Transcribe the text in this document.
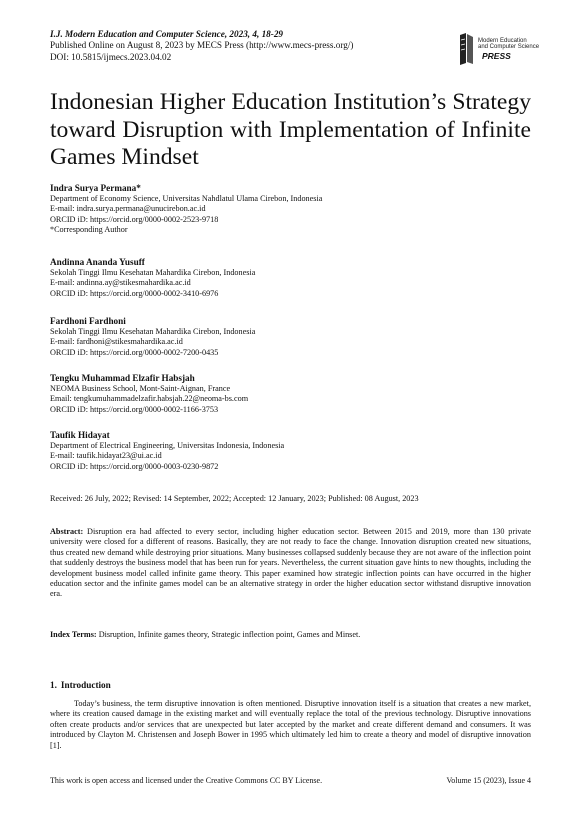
I.J. Modern Education and Computer Science, 2023, 4, 18-29
Published Online on August 8, 2023 by MECS Press (http://www.mecs-press.org/)
DOI: 10.5815/ijmecs.2023.04.02
Modern Education
and Computer Science
PRESS
Indonesian Higher Education Institution’s Strategy toward Disruption with Implementation of Infinite Games Mindset
Indra Surya Permana*
Department of Economy Science, Universitas Nahdlatul Ulama Cirebon, Indonesia
E-mail: indra.surya.permana@unucirebon.ac.id
ORCID iD: https://orcid.org/0000-0002-2523-9718
*Corresponding Author
Andinna Ananda Yusuff
Sekolah Tinggi Ilmu Kesehatan Mahardika Cirebon, Indonesia
E-mail: andinna.ay@stikesmahardika.ac.id
ORCID iD: https://orcid.org/0000-0002-3410-6976
Fardhoni Fardhoni
Sekolah Tinggi Ilmu Kesehatan Mahardika Cirebon, Indonesia
E-mail: fardhoni@stikesmahardika.ac.id
ORCID iD: https://orcid.org/0000-0002-7200-0435
Tengku Muhammad Elzafir Habsjah
NEOMA Business School, Mont-Saint-Aignan, France
Email: tengkumuhammadelzafir.habsjah.22@neoma-bs.com
ORCID iD: https://orcid.org/0000-0002-1166-3753
Taufik Hidayat
Department of Electrical Engineering, Universitas Indonesia, Indonesia
E-mail: taufik.hidayat23@ui.ac.id
ORCID iD: https://orcid.org/0000-0003-0230-9872
Received: 26 July, 2022; Revised: 14 September, 2022; Accepted: 12 January, 2023; Published: 08 August, 2023
Abstract: Disruption era had affected to every sector, including higher education sector. Between 2015 and 2019, more than 130 private university were closed for a different of reasons. Basically, they are not ready to face the change. Innovation disruption created new situations, thus created new demand while destroying prior situations. Many businesses collapsed suddenly because they are not aware of the inflection point that suddenly destroys the business model that has been run for years. Nevertheless, the current situation gave hints to new thoughts, including the development business model called infinite game theory. This paper examined how strategic inflection points can have occurred in the higher education sector and the infinite games model can be an alternative strategy in order the higher education sector withstand disruptive innovation era.
Index Terms: Disruption, Infinite games theory, Strategic inflection point, Games and Minset.
1. Introduction
Today’s business, the term disruptive innovation is often mentioned. Disruptive innovation itself is a situation that creates a new market, where its creation caused damage in the existing market and will eventually replace the total of the previous technology. Disruptive innovations often create products and/or services that are unexpected but later accepted by the market and create different demand and consumers. It was introduced by Clayton M. Christensen and Joseph Bower in 1995 which ultimately led him to create a theory and model of disruptive innovation [1].
This work is open access and licensed under the Creative Commons CC BY License.	Volume 15 (2023), Issue 4
